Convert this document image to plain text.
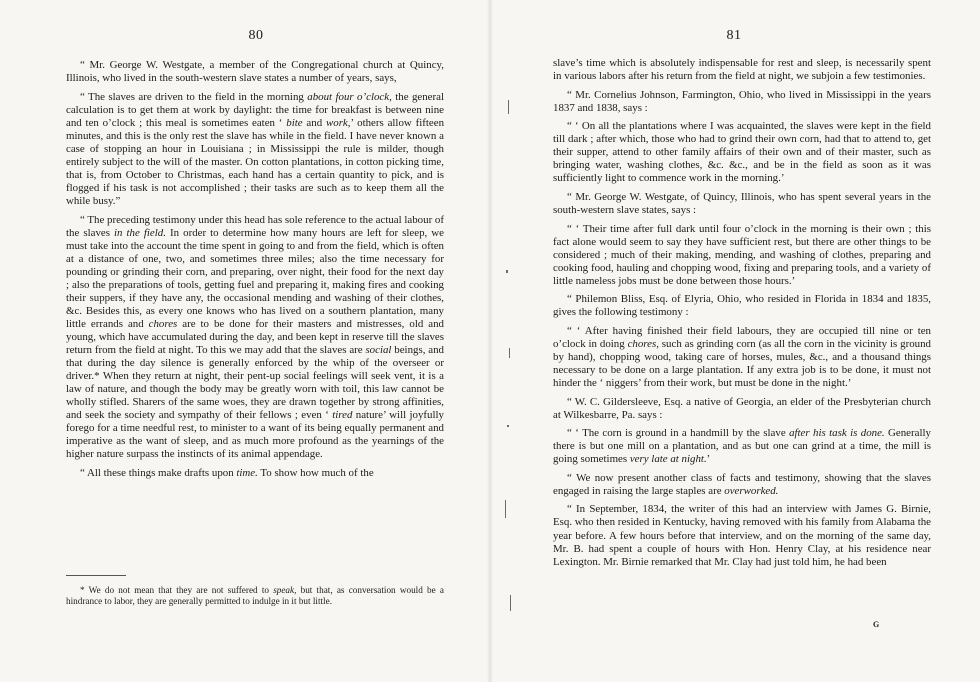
80

“ Mr. George W. Westgate, a member of the Congregational church at Quincy, Illinois, who lived in the south-western slave states a number of years, says,

“ The slaves are driven to the field in the morning about four o’clock, the general calculation is to get them at work by daylight: the time for breakfast is between nine and ten o’clock ; this meal is sometimes eaten ‘ bite and work,’ others allow fifteen minutes, and this is the only rest the slave has while in the field. I have never known a case of stopping an hour in Louisiana ; in Mississippi the rule is milder, though entirely subject to the will of the master. On cotton plantations, in cotton picking time, that is, from October to Christmas, each hand has a certain quantity to pick, and is flogged if his task is not accomplished ; their tasks are such as to keep them all the while busy.”

“ The preceding testimony under this head has sole reference to the actual labour of the slaves in the field. In order to determine how many hours are left for sleep, we must take into the account the time spent in going to and from the field, which is often at a distance of one, two, and sometimes three miles; also the time necessary for pounding or grinding their corn, and preparing, over night, their food for the next day ; also the preparations of tools, getting fuel and preparing it, making fires and cooking their suppers, if they have any, the occasional mending and washing of their clothes, &c. Besides this, as every one knows who has lived on a southern plantation, many little errands and chores are to be done for their masters and mistresses, old and young, which have accumulated during the day, and been kept in reserve till the slaves return from the field at night. To this we may add that the slaves are social beings, and that during the day silence is generally enforced by the whip of the overseer or driver.* When they return at night, their pent-up social feelings will seek vent, it is a law of nature, and though the body may be greatly worn with toil, this law cannot be wholly stifled. Sharers of the same woes, they are drawn together by strong affinities, and seek the society and sympathy of their fellows ; even ‘ tired nature’ will joyfully forego for a time needful rest, to minister to a want of its being equally permanent and imperative as the want of sleep, and as much more profound as the yearnings of the higher nature surpass the instincts of its animal appendage.

“ All these things make drafts upon time. To show how much of the

* We do not mean that they are not suffered to speak, but that, as conversation would be a hindrance to labor, they are generally permitted to indulge in it but little.

81

slave’s time which is absolutely indispensable for rest and sleep, is necessarily spent in various labors after his return from the field at night, we subjoin a few testimonies.

“ Mr. Cornelius Johnson, Farmington, Ohio, who lived in Mississippi in the years 1837 and 1838, says :

“ ‘ On all the plantations where I was acquainted, the slaves were kept in the field till dark ; after which, those who had to grind their own corn, had that to attend to, get their supper, attend to other family affairs of their own and of their master, such as bringing water, washing clothes, &c. &c., and be in the field as soon as it was sufficiently light to commence work in the morning.’

“ Mr. George W. Westgate, of Quincy, Illinois, who has spent several years in the south-western slave states, says :

“ ‘ Their time after full dark until four o’clock in the morning is their own ; this fact alone would seem to say they have sufficient rest, but there are other things to be considered ; much of their making, mending, and washing of clothes, preparing and cooking food, hauling and chopping wood, fixing and preparing tools, and a variety of little nameless jobs must be done between those hours.’

“ Philemon Bliss, Esq. of Elyria, Ohio, who resided in Florida in 1834 and 1835, gives the following testimony :

“ ‘ After having finished their field labours, they are occupied till nine or ten o’clock in doing chores, such as grinding corn (as all the corn in the vicinity is ground by hand), chopping wood, taking care of horses, mules, &c., and a thousand things necessary to be done on a large plantation. If any extra job is to be done, it must not hinder the ‘ niggers’ from their work, but must be done in the night.’

“ W. C. Gildersleeve, Esq. a native of Georgia, an elder of the Presbyterian church at Wilkesbarre, Pa. says :

“ ‘ The corn is ground in a handmill by the slave after his task is done. Generally there is but one mill on a plantation, and as but one can grind at a time, the mill is going sometimes very late at night.’

“ We now present another class of facts and testimony, showing that the slaves engaged in raising the large staples are overworked.

“ In September, 1834, the writer of this had an interview with James G. Birnie, Esq. who then resided in Kentucky, having removed with his family from Alabama the year before. A few hours before that interview, and on the morning of the same day, Mr. B. had spent a couple of hours with Hon. Henry Clay, at his residence near Lexington. Mr. Birnie remarked that Mr. Clay had just told him, he had been

G
